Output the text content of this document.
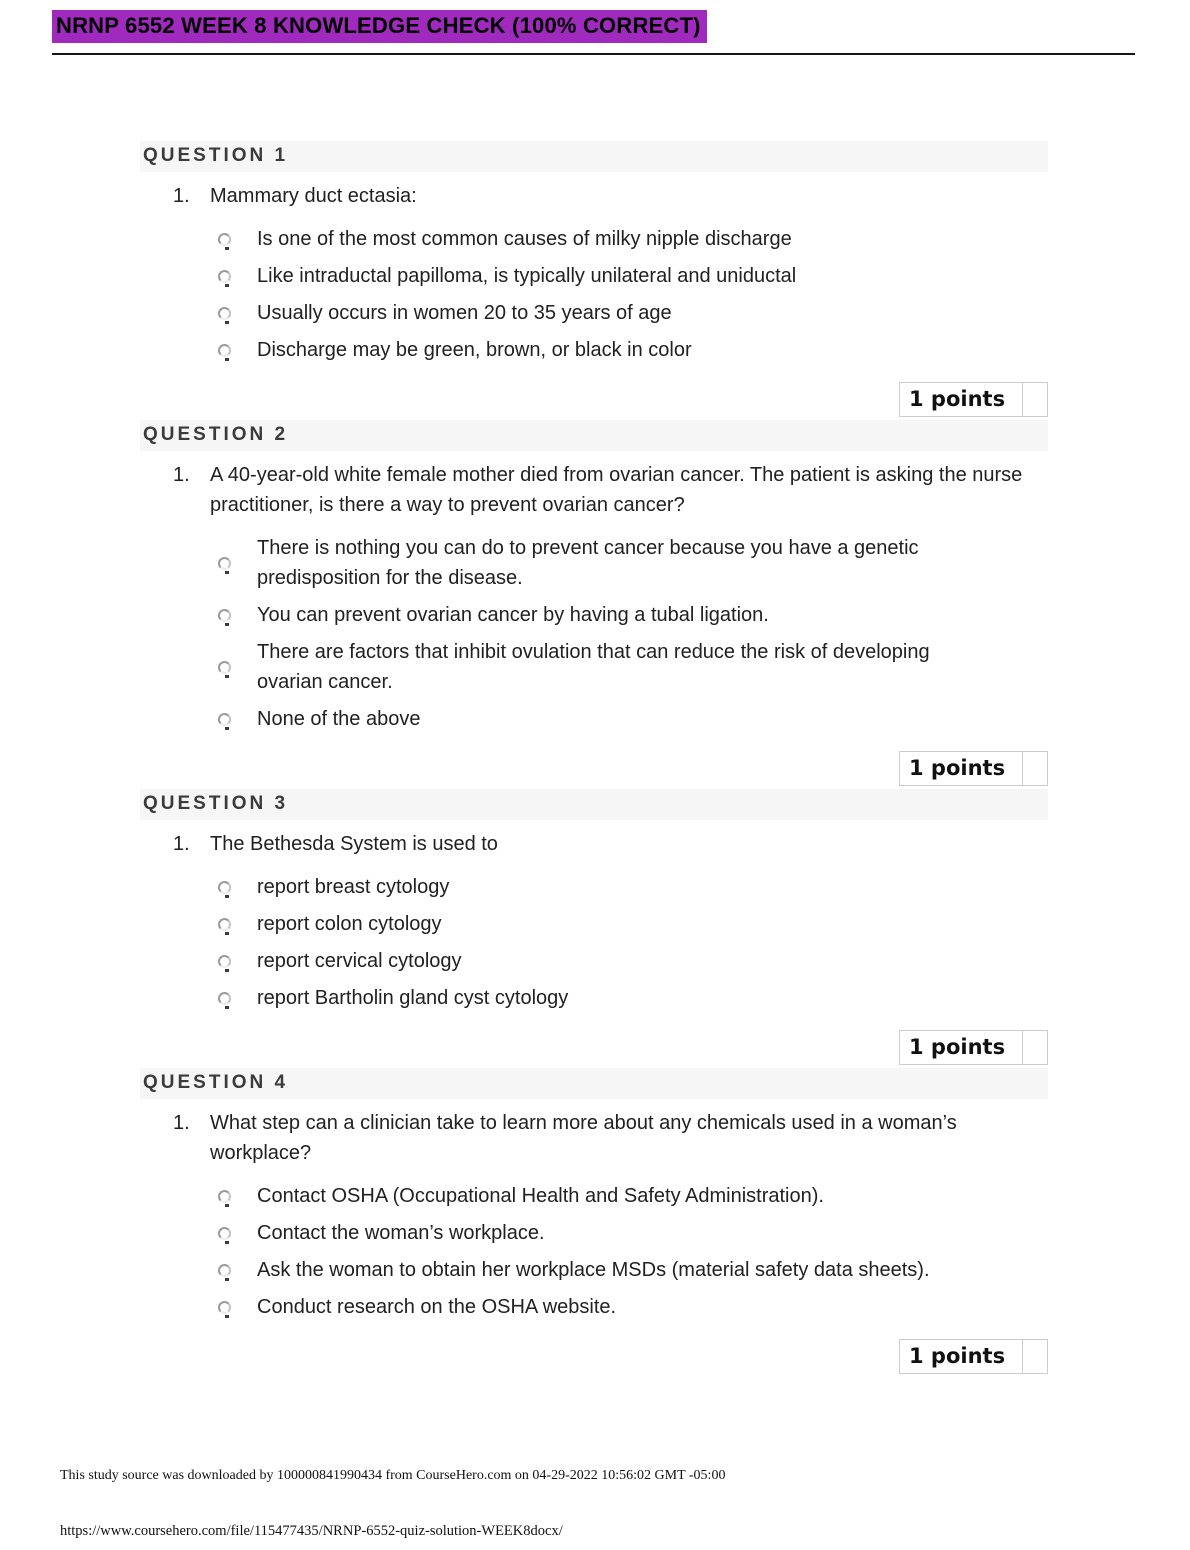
NRNP 6552 WEEK 8 KNOWLEDGE CHECK (100% CORRECT)
QUESTION 1
1.	Mammary duct ectasia:
Is one of the most common causes of milky nipple discharge
Like intraductal papilloma, is typically unilateral and uniductal
Usually occurs in women 20 to 35 years of age
Discharge may be green, brown, or black in color
1 points
QUESTION 2
1.	A 40-year-old white female mother died from ovarian cancer. The patient is asking the nurse practitioner, is there a way to prevent ovarian cancer?
There is nothing you can do to prevent cancer because you have a genetic predisposition for the disease.
You can prevent ovarian cancer by having a tubal ligation.
There are factors that inhibit ovulation that can reduce the risk of developing ovarian cancer.
None of the above
1 points
QUESTION 3
1.	The Bethesda System is used to
report breast cytology
report colon cytology
report cervical cytology
report Bartholin gland cyst cytology
1 points
QUESTION 4
1.	What step can a clinician take to learn more about any chemicals used in a woman’s workplace?
Contact OSHA (Occupational Health and Safety Administration).
Contact the woman’s workplace.
Ask the woman to obtain her workplace MSDs (material safety data sheets).
Conduct research on the OSHA website.
1 points
This study source was downloaded by 100000841990434 from CourseHero.com on 04-29-2022 10:56:02 GMT -05:00
https://www.coursehero.com/file/115477435/NRNP-6552-quiz-solution-WEEK8docx/
